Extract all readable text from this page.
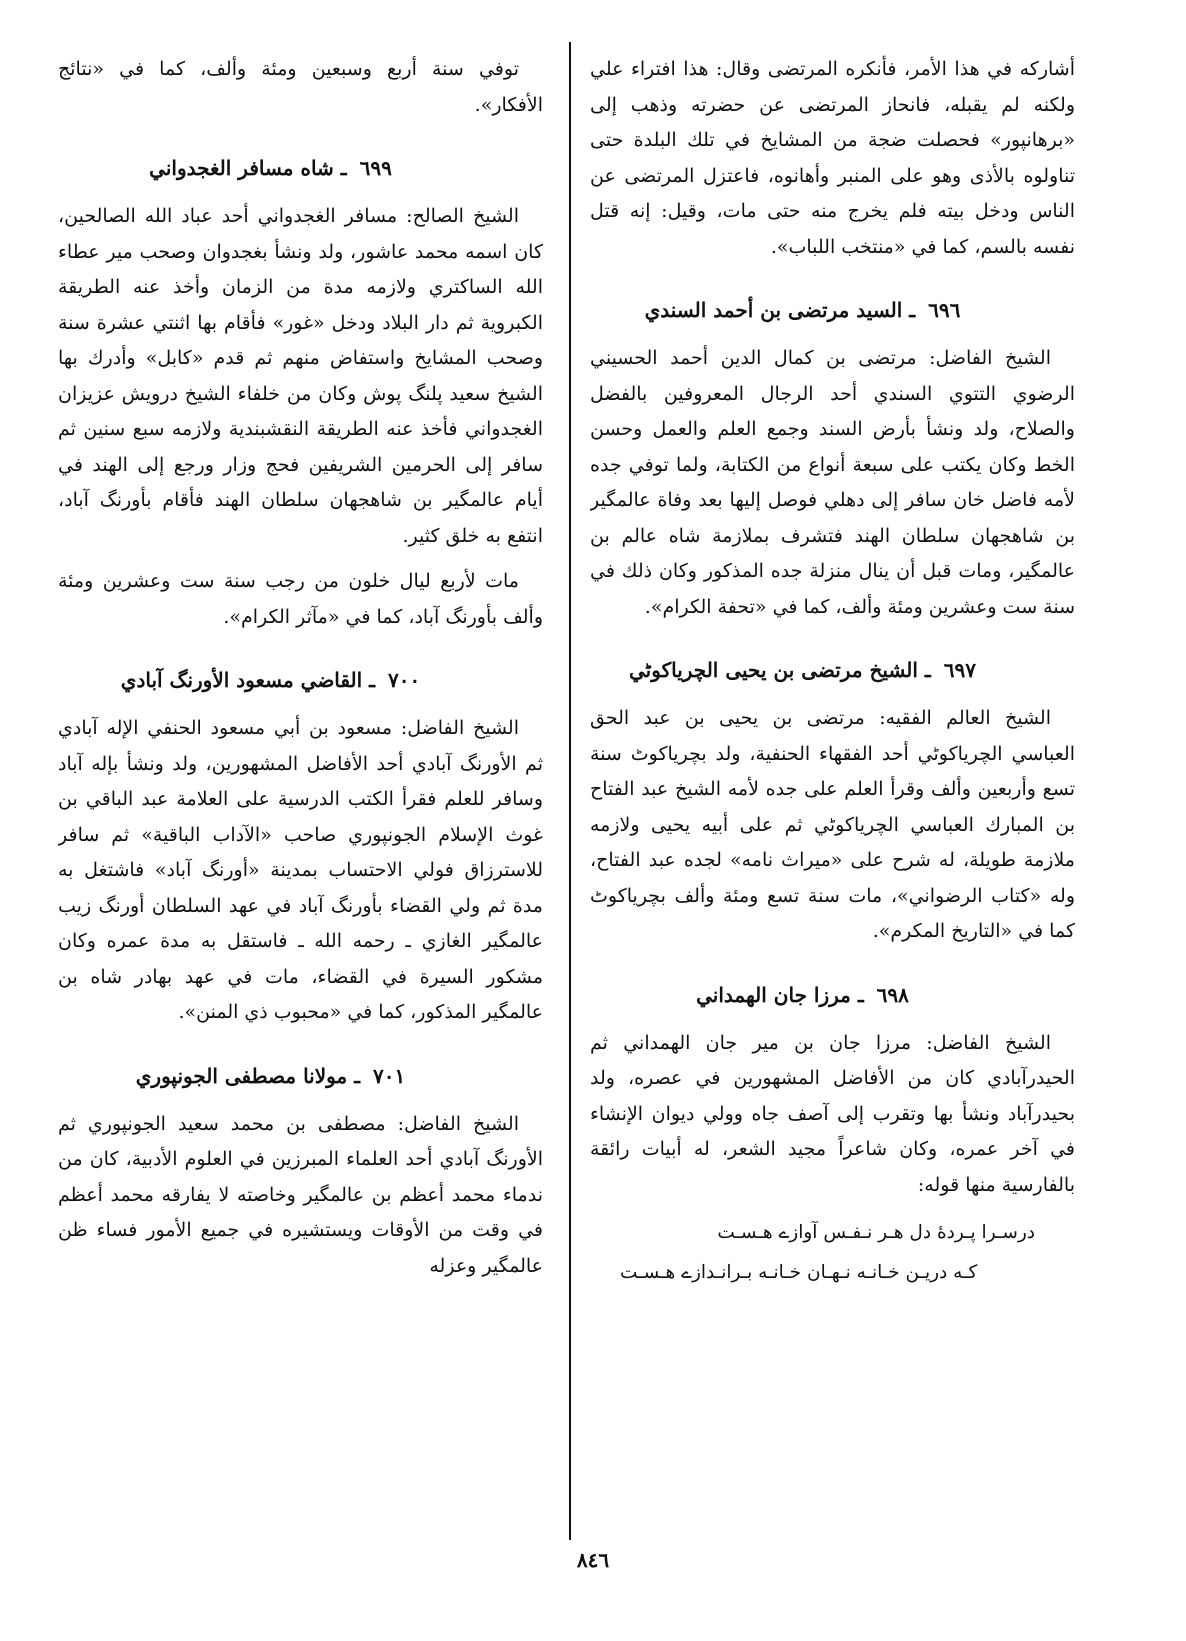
أشاركه في هذا الأمر، فأنكره المرتضى وقال: هذا افتراء علي ولكنه لم يقبله، فانحاز المرتضى عن حضرته وذهب إلى «برهانپور» فحصلت ضجة من المشايخ في تلك البلدة حتى تناولوه بالأذى وهو على المنبر وأهانوه، فاعتزل المرتضى عن الناس ودخل بيته فلم يخرج منه حتى مات، وقيل: إنه قتل نفسه بالسم، كما في «منتخب اللباب».

٦٩٦ ـ السيد مرتضى بن أحمد السندي

الشيخ الفاضل: مرتضى بن كمال الدين أحمد الحسيني الرضوي التتوي السندي أحد الرجال المعروفين بالفضل والصلاح، ولد ونشأ بأرض السند وجمع العلم والعمل وحسن الخط وكان يكتب على سبعة أنواع من الكتابة، ولما توفي جده لأمه فاضل خان سافر إلى دهلي فوصل إليها بعد وفاة عالمگير بن شاهجهان سلطان الهند فتشرف بملازمة شاه عالم بن عالمگير، ومات قبل أن ينال منزلة جده المذكور وكان ذلك في سنة ست وعشرين ومئة وألف، كما في «تحفة الكرام».

٦٩٧ ـ الشيخ مرتضى بن يحيى الچرياكوٹي

الشيخ العالم الفقيه: مرتضى بن يحيى بن عبد الحق العباسي الچرياكوٹي أحد الفقهاء الحنفية، ولد بچرياكوٹ سنة تسع وأربعين وألف وقرأ العلم على جده لأمه الشيخ عبد الفتاح بن المبارك العباسي الچرياكوٹي ثم على أبيه يحيى ولازمه ملازمة طويلة، له شرح على «ميراث نامه» لجده عبد الفتاح، وله «كتاب الرضواني»، مات سنة تسع ومئة وألف بچرياكوٹ كما في «التاريخ المكرم».

٦٩٨ ـ مرزا جان الهمداني

الشيخ الفاضل: مرزا جان بن مير جان الهمداني ثم الحيدرآبادي كان من الأفاضل المشهورين في عصره، ولد بحيدرآباد ونشأ بها وتقرب إلى آصف جاه وولي ديوان الإنشاء في آخر عمره، وكان شاعراً مجيد الشعر، له أبيات رائقة بالفارسية منها قوله:

درسـرا پـردهٔ دل هـر نـفـس آوازے هـسـت
كـه دريـن خـانـه نـهـان خـانـه بـرانـدازے هـسـت

توفي سنة أربع وسبعين ومئة وألف، كما في «نتائج الأفكار».

٦٩٩ ـ شاه مسافر الغجدواني

الشيخ الصالح: مسافر الغجدواني أحد عباد الله الصالحين، كان اسمه محمد عاشور، ولد ونشأ بغجدوان وصحب مير عطاء الله الساكتري ولازمه مدة من الزمان وأخذ عنه الطريقة الكبروية ثم دار البلاد ودخل «غور» فأقام بها اثنتي عشرة سنة وصحب المشايخ واستفاض منهم ثم قدم «كابل» وأدرك بها الشيخ سعيد پلنگ پوش وكان من خلفاء الشيخ درويش عزيزان الغجدواني فأخذ عنه الطريقة النقشبندية ولازمه سبع سنين ثم سافر إلى الحرمين الشريفين فحج وزار ورجع إلى الهند في أيام عالمگير بن شاهجهان سلطان الهند فأقام بأورنگ آباد، انتفع به خلق كثير.

مات لأربع ليال خلون من رجب سنة ست وعشرين ومئة وألف بأورنگ آباد، كما في «مآثر الكرام».

٧٠٠ ـ القاضي مسعود الأورنگ آبادي

الشيخ الفاضل: مسعود بن أبي مسعود الحنفي الإله آبادي ثم الأورنگ آبادي أحد الأفاضل المشهورين، ولد ونشأ بإله آباد وسافر للعلم فقرأ الكتب الدرسية على العلامة عبد الباقي بن غوث الإسلام الجونپوري صاحب «الآداب الباقية» ثم سافر للاسترزاق فولي الاحتساب بمدينة «أورنگ آباد» فاشتغل به مدة ثم ولي القضاء بأورنگ آباد في عهد السلطان أورنگ زيب عالمگير الغازي ـ رحمه الله ـ فاستقل به مدة عمره وكان مشكور السيرة في القضاء، مات في عهد بهادر شاه بن عالمگير المذكور، كما في «محبوب ذي المنن».

٧٠١ ـ مولانا مصطفى الجونپوري

الشيخ الفاضل: مصطفى بن محمد سعيد الجونپوري ثم الأورنگ آبادي أحد العلماء المبرزين في العلوم الأدبية، كان من ندماء محمد أعظم بن عالمگير وخاصته لا يفارقه محمد أعظم في وقت من الأوقات ويستشيره في جميع الأمور فساء ظن عالمگير وعزله

٨٤٦
